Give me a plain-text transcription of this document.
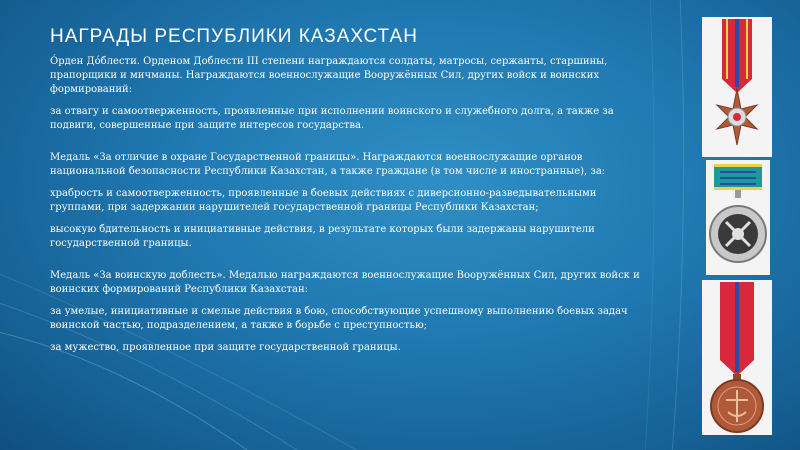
НАГРАДЫ РЕСПУБЛИКИ КАЗАХСТАН

Óрден Дóблести. Орденом Доблести III степени награждаются солдаты, матросы, сержанты, старшины, прапорщики и мичманы. Награждаются военнослужащие Вооружённых Сил, других войск и воинских формирований:

за отвагу и самоотверженность, проявленные при исполнении воинского и служебного долга, а также за подвиги, совершенные при защите интересов государства.

Медаль «За отличие в охране Государственной границы». Награждаются военнослужащие органов национальной безопасности Республики Казахстан, а также граждане (в том числе и иностранные), за:

храбрость и самоотверженность, проявленные в боевых действиях с диверсионно-разведывательными группами, при задержании нарушителей государственной границы Республики Казахстан;

высокую бдительность и инициативные действия, в результате которых были задержаны нарушители государственной границы.

Медаль «За воинскую доблесть». Медалью награждаются военнослужащие Вооружённых Сил, других войск и воинских формирований Республики Казахстан:

за умелые, инициативные и смелые действия в бою, способствующие успешному выполнению боевых задач воинской частью, подразделением, а также в борьбе с преступностью;

за мужество, проявленное при защите государственной границы.
